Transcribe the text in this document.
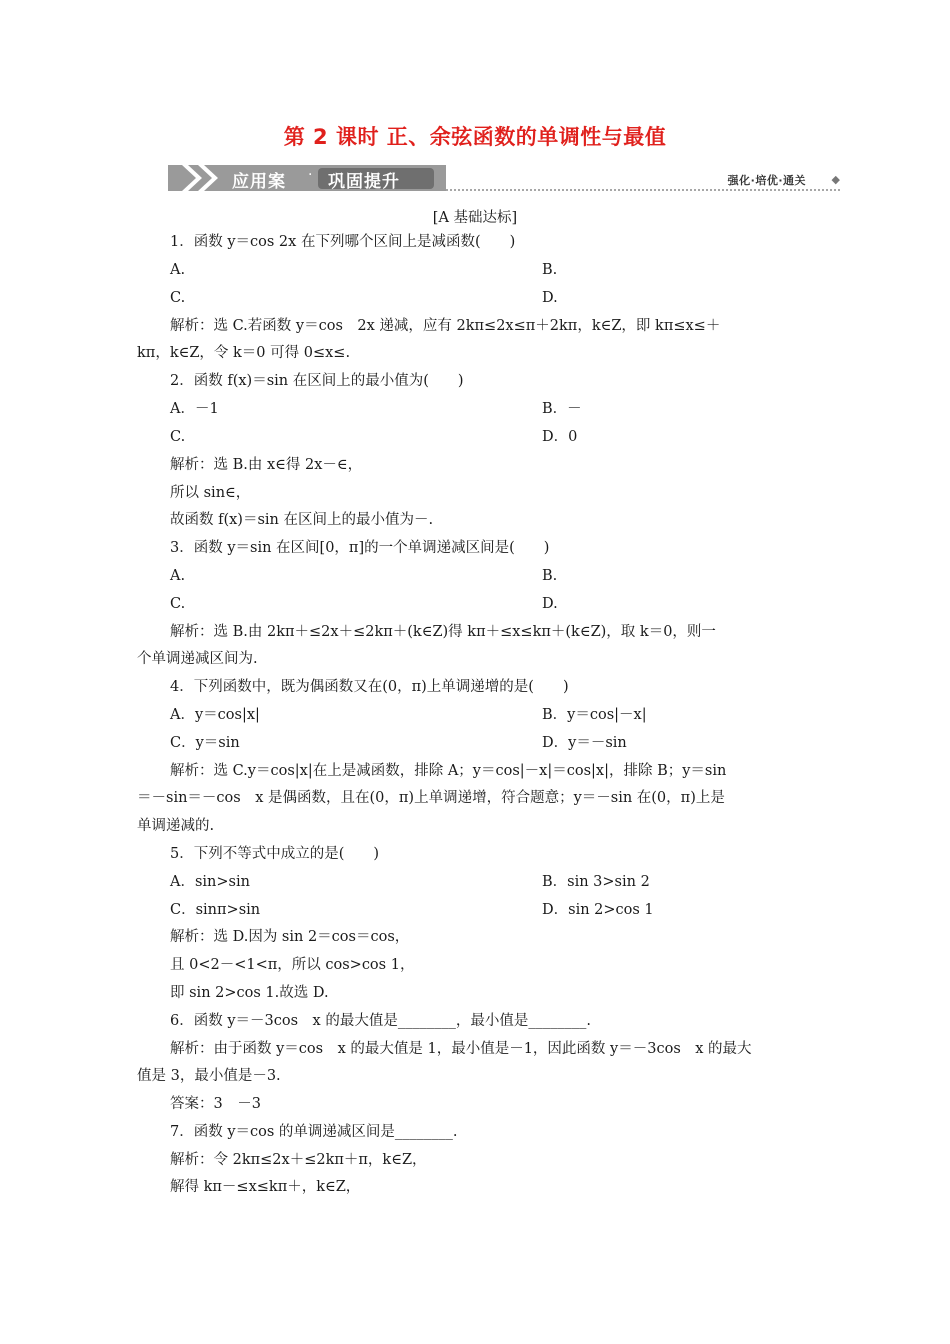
第 2 课时 正、余弦函数的单调性与最值
应用案 · 巩固提升	强化·培优·通关 ◆
[A 基础达标]
1．函数 y＝cos 2x 在下列哪个区间上是减函数(　　)
A.	B.
C.	D.
解析：选 C.若函数 y＝cos　2x 递减，应有 2kπ≤2x≤π＋2kπ，k∈Z，即 kπ≤x≤＋
kπ，k∈Z，令 k＝0 可得 0≤x≤.
2．函数 f(x)＝sin 在区间上的最小值为(　　)
A．－1	B．－
C.	D．0
解析：选 B.由 x∈得 2x－∈，
所以 sin∈，
故函数 f(x)＝sin 在区间上的最小值为－.
3．函数 y＝sin 在区间[0，π]的一个单调递减区间是(　　)
A.	B.
C.	D.
解析：选 B.由 2kπ＋≤2x＋≤2kπ＋(k∈Z)得 kπ＋≤x≤kπ＋(k∈Z)，取 k＝0，则一
个单调递减区间为.
4．下列函数中，既为偶函数又在(0，π)上单调递增的是(　　)
A．y＝cos|x|	B．y＝cos|－x|
C．y＝sin	D．y＝－sin
解析：选 C.y＝cos|x|在上是减函数，排除 A；y＝cos|－x|＝cos|x|，排除 B；y＝sin
＝－sin＝－cos　x 是偶函数，且在(0，π)上单调递增，符合题意；y＝－sin 在(0，π)上是
单调递减的.
5．下列不等式中成立的是(　　)
A．sin>sin	B．sin 3>sin 2
C．sinπ>sin	D．sin 2>cos 1
解析：选 D.因为 sin 2＝cos＝cos，
且 0<2－<1<π，所以 cos>cos 1，
即 sin 2>cos 1.故选 D.
6．函数 y＝－3cos　x 的最大值是________，最小值是________.
解析：由于函数 y＝cos　x 的最大值是 1，最小值是－1，因此函数 y＝－3cos　x 的最大
值是 3，最小值是－3.
答案：3　－3
7．函数 y＝cos 的单调递减区间是________.
解析：令 2kπ≤2x＋≤2kπ＋π，k∈Z，
解得 kπ－≤x≤kπ＋，k∈Z，
